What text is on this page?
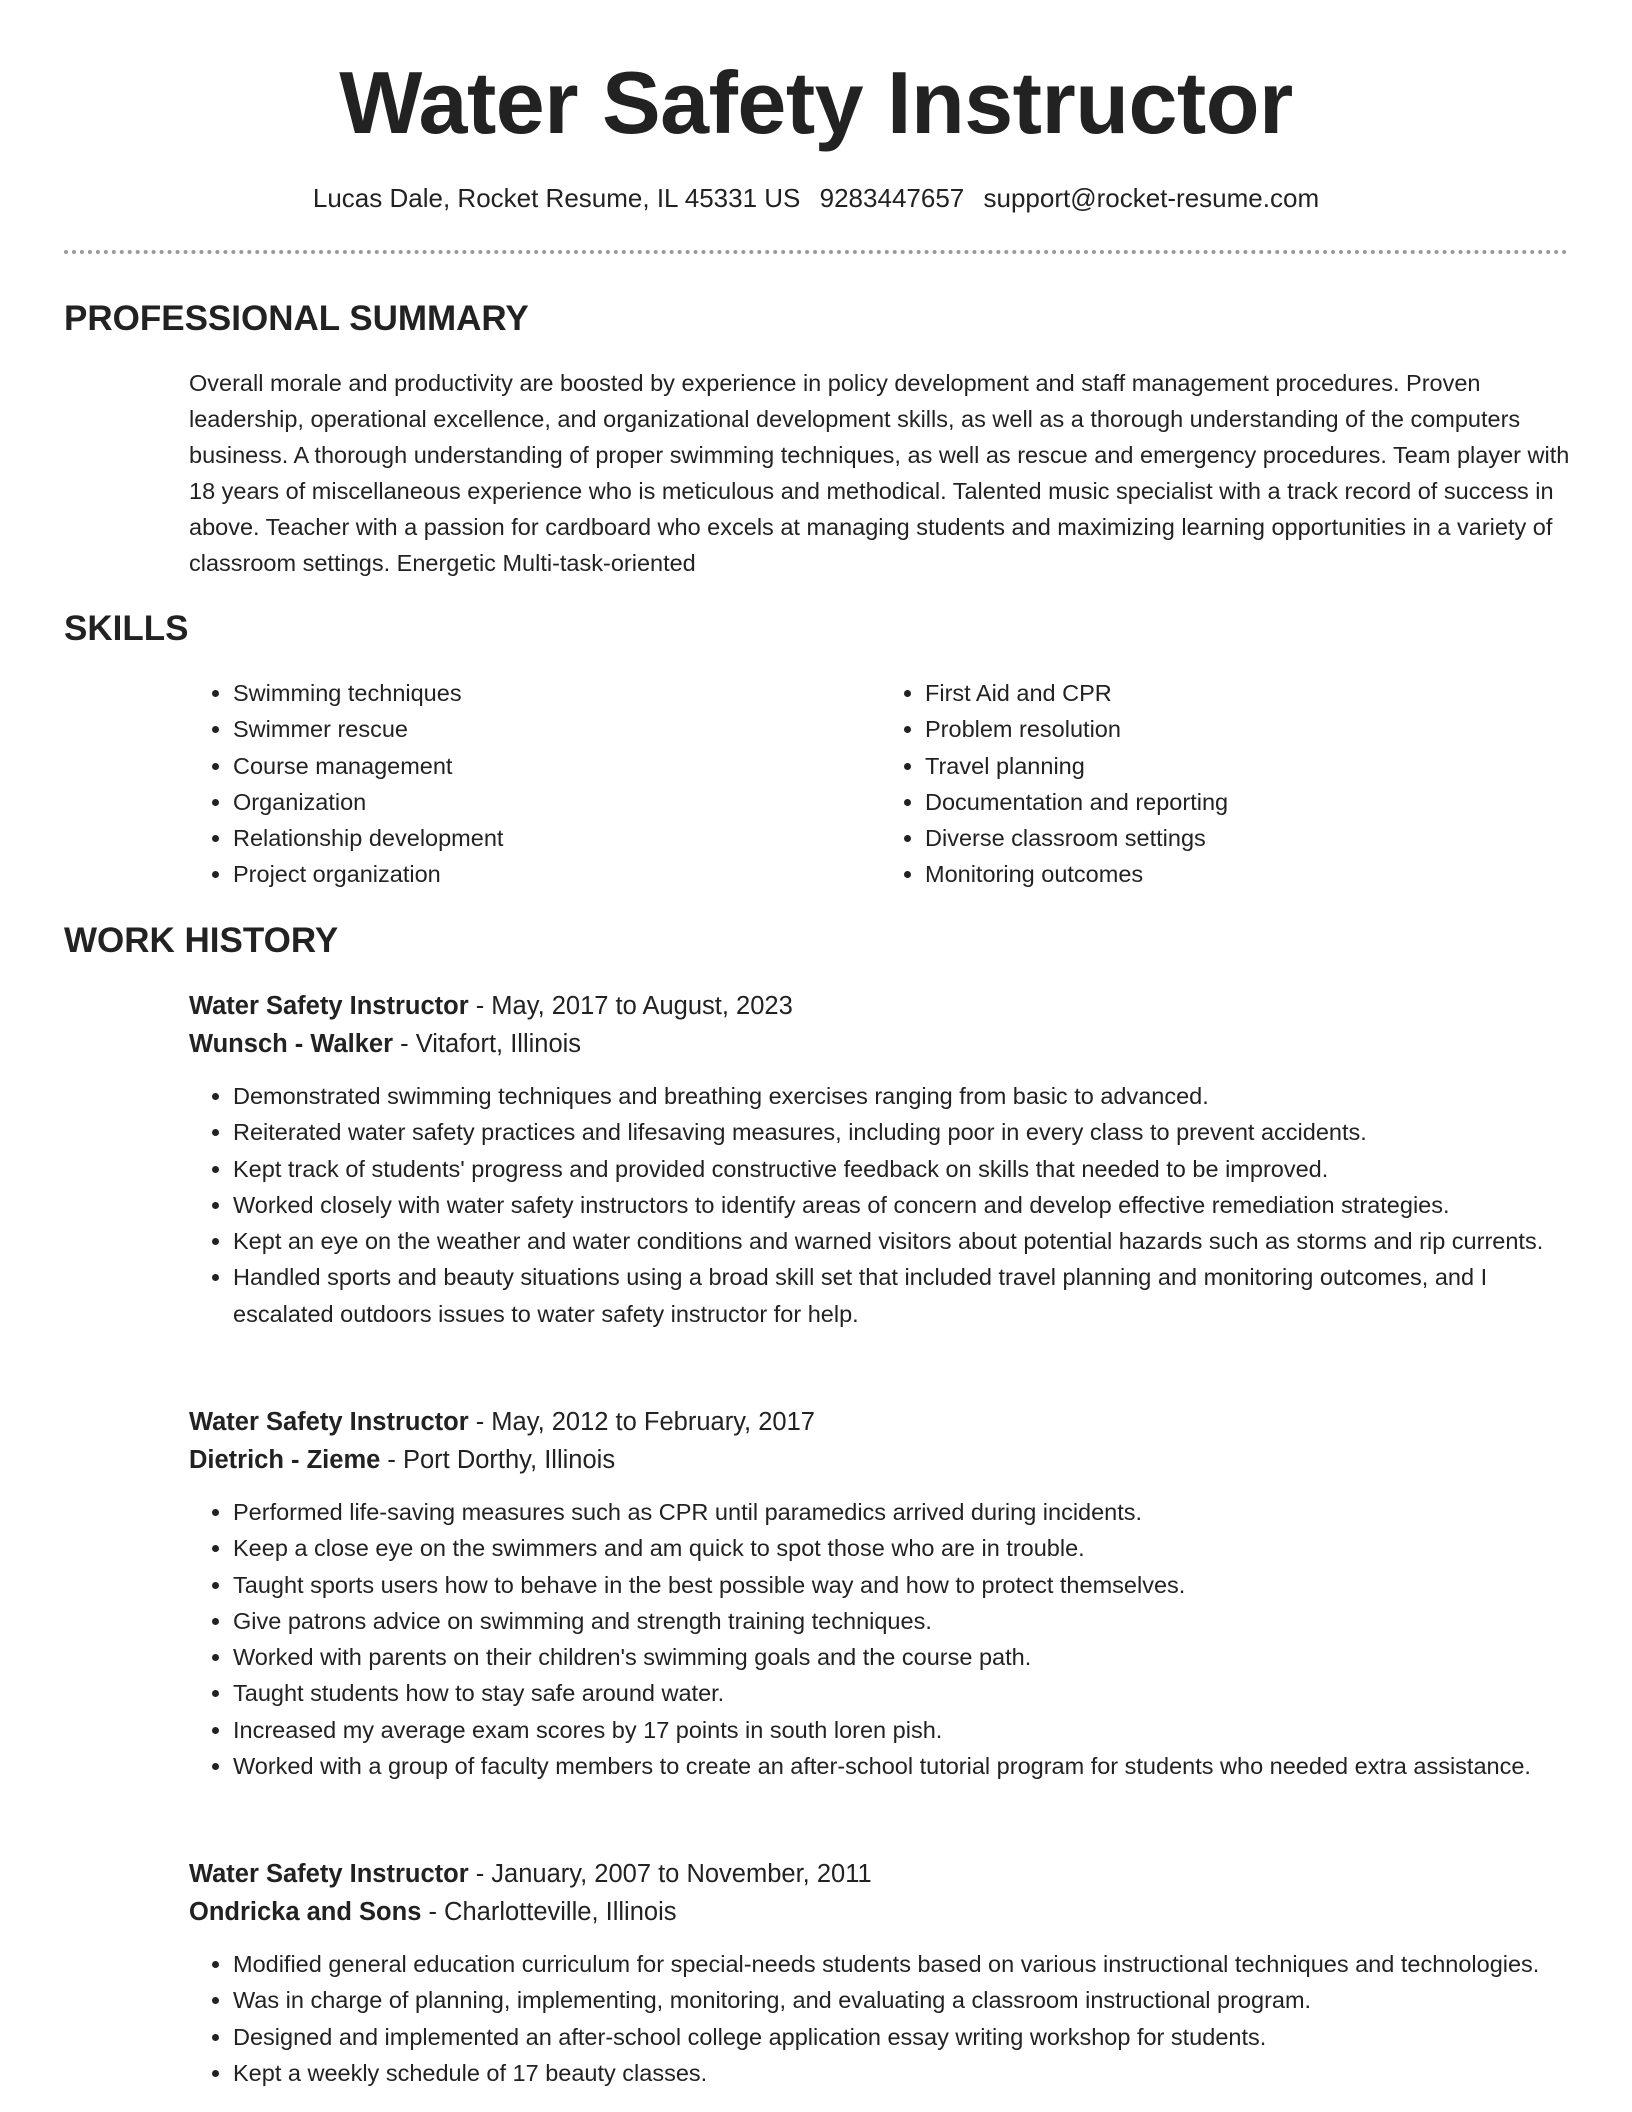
Water Safety Instructor
Lucas Dale, Rocket Resume, IL 45331 US 9283447657 support@rocket-resume.com
PROFESSIONAL SUMMARY

Overall morale and productivity are boosted by experience in policy development and staff management procedures. Proven leadership, operational excellence, and organizational development skills, as well as a thorough understanding of the computers business. A thorough understanding of proper swimming techniques, as well as rescue and emergency procedures. Team player with 18 years of miscellaneous experience who is meticulous and methodical. Talented music specialist with a track record of success in above. Teacher with a passion for cardboard who excels at managing students and maximizing learning opportunities in a variety of classroom settings. Energetic Multi-task-oriented

SKILLS
• Swimming techniques
• Swimmer rescue
• Course management
• Organization
• Relationship development
• Project organization
• First Aid and CPR
• Problem resolution
• Travel planning
• Documentation and reporting
• Diverse classroom settings
• Monitoring outcomes
WORK HISTORY
Water Safety Instructor - May, 2017 to August, 2023
Wunsch - Walker - Vitafort, Illinois
• Demonstrated swimming techniques and breathing exercises ranging from basic to advanced.
• Reiterated water safety practices and lifesaving measures, including poor in every class to prevent accidents.
• Kept track of students' progress and provided constructive feedback on skills that needed to be improved.
• Worked closely with water safety instructors to identify areas of concern and develop effective remediation strategies.
• Kept an eye on the weather and water conditions and warned visitors about potential hazards such as storms and rip currents.
• Handled sports and beauty situations using a broad skill set that included travel planning and monitoring outcomes, and I escalated outdoors issues to water safety instructor for help.
Water Safety Instructor - May, 2012 to February, 2017
Dietrich - Zieme - Port Dorthy, Illinois
• Performed life-saving measures such as CPR until paramedics arrived during incidents.
• Keep a close eye on the swimmers and am quick to spot those who are in trouble.
• Taught sports users how to behave in the best possible way and how to protect themselves.
• Give patrons advice on swimming and strength training techniques.
• Worked with parents on their children's swimming goals and the course path.
• Taught students how to stay safe around water.
• Increased my average exam scores by 17 points in south loren pish.
• Worked with a group of faculty members to create an after-school tutorial program for students who needed extra assistance.
Water Safety Instructor - January, 2007 to November, 2011
Ondricka and Sons - Charlotteville, Illinois
• Modified general education curriculum for special-needs students based on various instructional techniques and technologies.
• Was in charge of planning, implementing, monitoring, and evaluating a classroom instructional program.
• Designed and implemented an after-school college application essay writing workshop for students.
• Kept a weekly schedule of 17 beauty classes.
